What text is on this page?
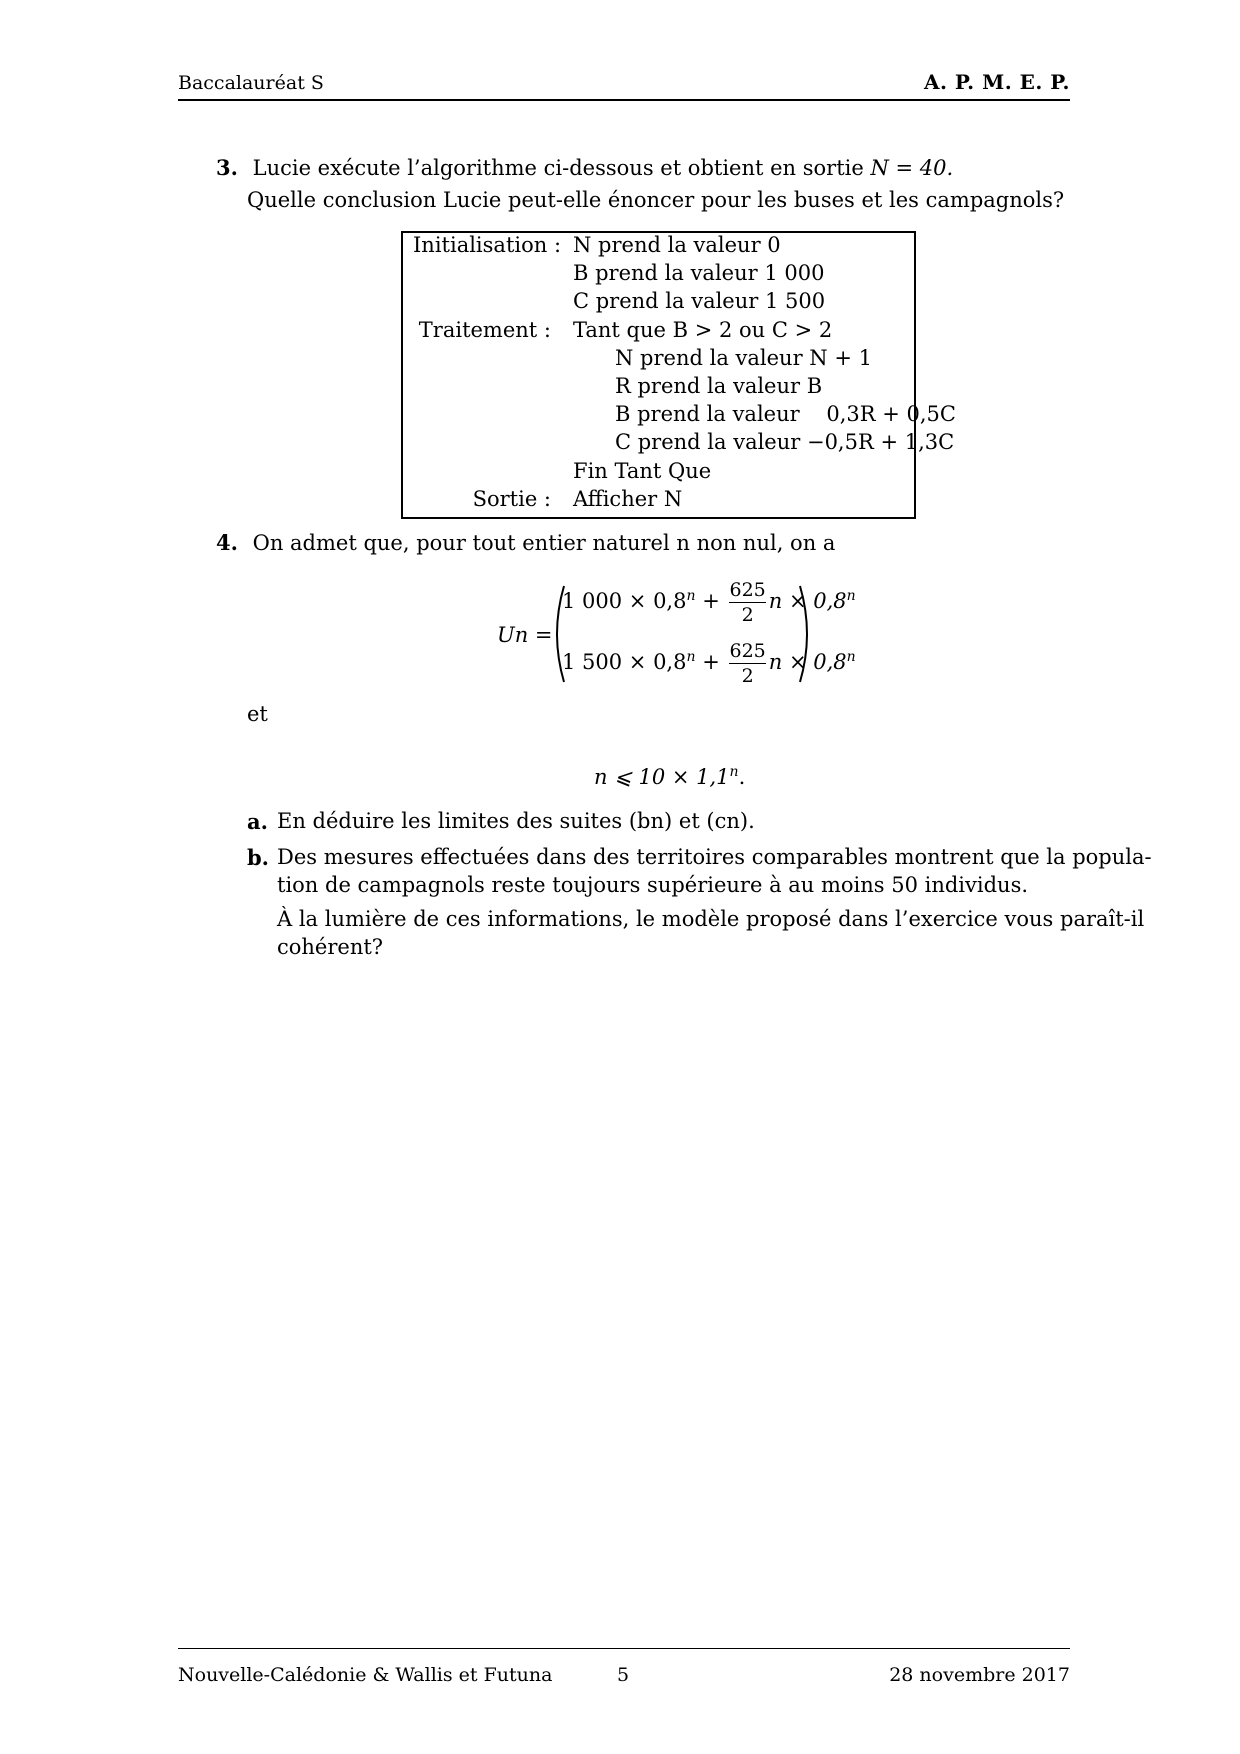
Baccalauréat S	A. P. M. E. P.
3. Lucie exécute l’algorithme ci-dessous et obtient en sortie N = 40.
Quelle conclusion Lucie peut-elle énoncer pour les buses et les campagnols?
Initialisation : N prend la valeur 0
B prend la valeur 1 000
C prend la valeur 1 500
Traitement : Tant que B > 2 ou C > 2
N prend la valeur N + 1
R prend la valeur B
B prend la valeur    0,3R + 0,5C
C prend la valeur −0,5R + 1,3C
Fin Tant Que
Sortie : Afficher N
4. On admet que, pour tout entier naturel n non nul, on a
Un =
1 $000 \times 0,8^n + \frac{625}{2}$ $n \times 0,8^n$
1 $500 \times 0,8^n + \frac{625}{2}$ $n \times 0,8^n$
et
n ⩽ $10 \times 1,1^n$.
a. En déduire les limites des suites (bn) et (cn).
b. Des mesures effectuées dans des territoires comparables montrent que la popula-
tion de campagnols reste toujours supérieure à au moins 50 individus.
À la lumière de ces informations, le modèle proposé dans l’exercice vous paraît-il
cohérent?
Nouvelle-Calédonie & Wallis et Futuna	5	28 novembre 2017
